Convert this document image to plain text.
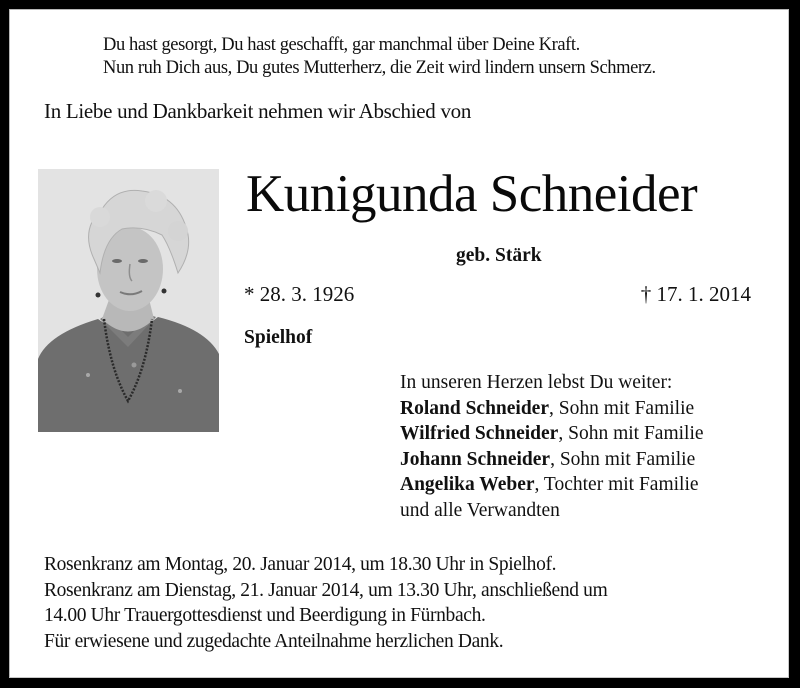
Du hast gesorgt, Du hast geschafft, gar manchmal über Deine Kraft.
Nun ruh Dich aus, Du gutes Mutterherz, die Zeit wird lindern unsern Schmerz.
In Liebe und Dankbarkeit nehmen wir Abschied von
Kunigunda Schneider
geb. Stärk
* 28. 3. 1926	† 17. 1. 2014
Spielhof
In unseren Herzen lebst Du weiter:
Roland Schneider, Sohn mit Familie
Wilfried Schneider, Sohn mit Familie
Johann Schneider, Sohn mit Familie
Angelika Weber, Tochter mit Familie
und alle Verwandten
Rosenkranz am Montag, 20. Januar 2014, um 18.30 Uhr in Spielhof.
Rosenkranz am Dienstag, 21. Januar 2014, um 13.30 Uhr, anschließend um
14.00 Uhr Trauergottesdienst und Beerdigung in Fürnbach.
Für erwiesene und zugedachte Anteilnahme herzlichen Dank.
